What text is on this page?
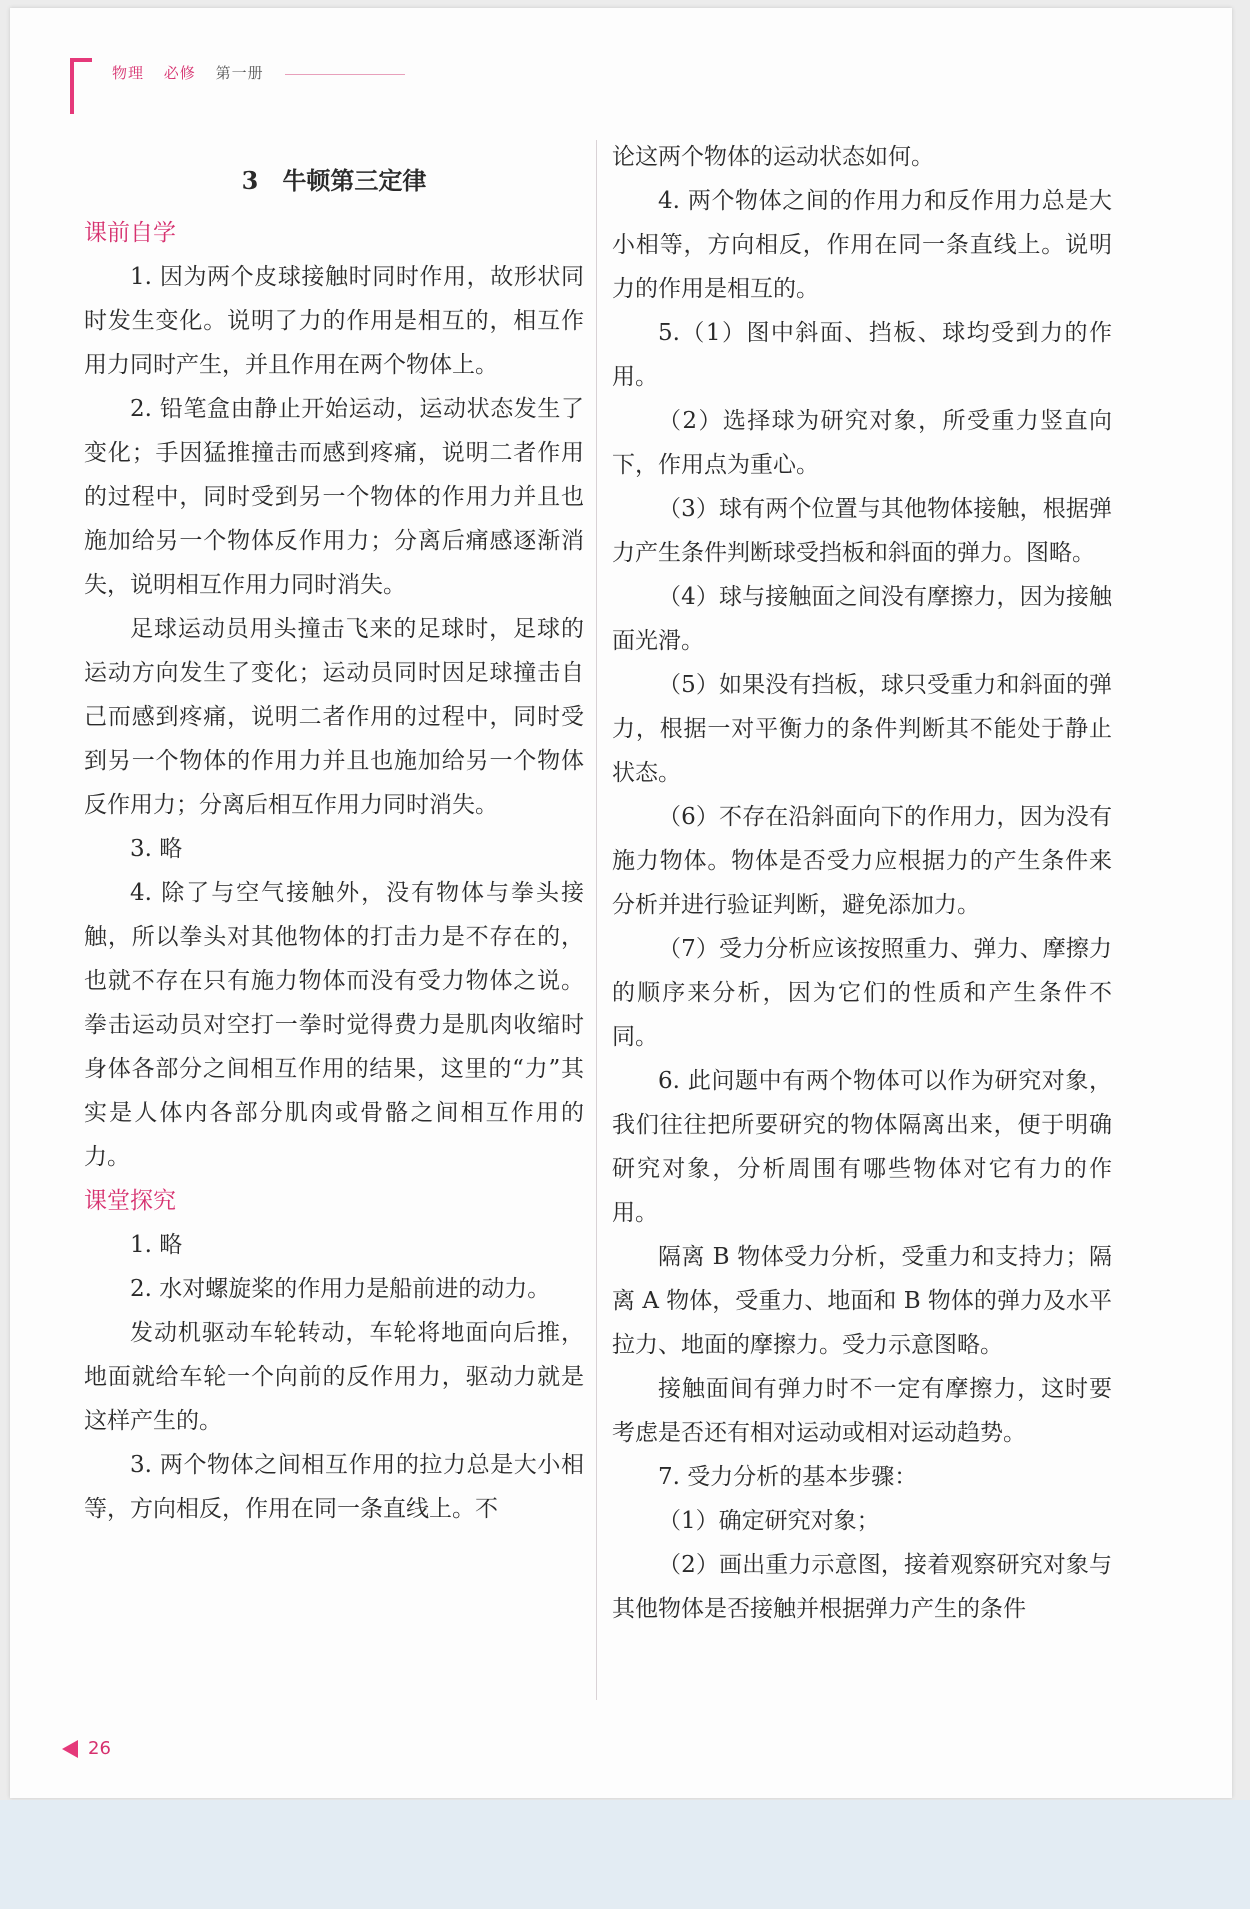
物理 必修 第一册
3　牛顿第三定律
课前自学

1. 因为两个皮球接触时同时作用，故形状同时发生变化。说明了力的作用是相互的，相互作用力同时产生，并且作用在两个物体上。

2. 铅笔盒由静止开始运动，运动状态发生了变化；手因猛推撞击而感到疼痛，说明二者作用的过程中，同时受到另一个物体的作用力并且也施加给另一个物体反作用力；分离后痛感逐渐消失，说明相互作用力同时消失。

足球运动员用头撞击飞来的足球时，足球的运动方向发生了变化；运动员同时因足球撞击自己而感到疼痛，说明二者作用的过程中，同时受到另一个物体的作用力并且也施加给另一个物体反作用力；分离后相互作用力同时消失。

3. 略

4. 除了与空气接触外，没有物体与拳头接触，所以拳头对其他物体的打击力是不存在的，也就不存在只有施力物体而没有受力物体之说。拳击运动员对空打一拳时觉得费力是肌肉收缩时身体各部分之间相互作用的结果，这里的“力”其实是人体内各部分肌肉或骨骼之间相互作用的力。

课堂探究

1. 略

2. 水对螺旋桨的作用力是船前进的动力。

发动机驱动车轮转动，车轮将地面向后推，地面就给车轮一个向前的反作用力，驱动力就是这样产生的。

3. 两个物体之间相互作用的拉力总是大小相等，方向相反，作用在同一条直线上。不

论这两个物体的运动状态如何。

4. 两个物体之间的作用力和反作用力总是大小相等，方向相反，作用在同一条直线上。说明力的作用是相互的。

5.（1）图中斜面、挡板、球均受到力的作用。

（2）选择球为研究对象，所受重力竖直向下，作用点为重心。

（3）球有两个位置与其他物体接触，根据弹力产生条件判断球受挡板和斜面的弹力。图略。

（4）球与接触面之间没有摩擦力，因为接触面光滑。

（5）如果没有挡板，球只受重力和斜面的弹力，根据一对平衡力的条件判断其不能处于静止状态。

（6）不存在沿斜面向下的作用力，因为没有施力物体。物体是否受力应根据力的产生条件来分析并进行验证判断，避免添加力。

（7）受力分析应该按照重力、弹力、摩擦力的顺序来分析，因为它们的性质和产生条件不同。

6. 此问题中有两个物体可以作为研究对象，我们往往把所要研究的物体隔离出来，便于明确研究对象，分析周围有哪些物体对它有力的作用。

隔离 B 物体受力分析，受重力和支持力；隔离 A 物体，受重力、地面和 B 物体的弹力及水平拉力、地面的摩擦力。受力示意图略。

接触面间有弹力时不一定有摩擦力，这时要考虑是否还有相对运动或相对运动趋势。

7. 受力分析的基本步骤：

（1）确定研究对象；

（2）画出重力示意图，接着观察研究对象与其他物体是否接触并根据弹力产生的条件

26
